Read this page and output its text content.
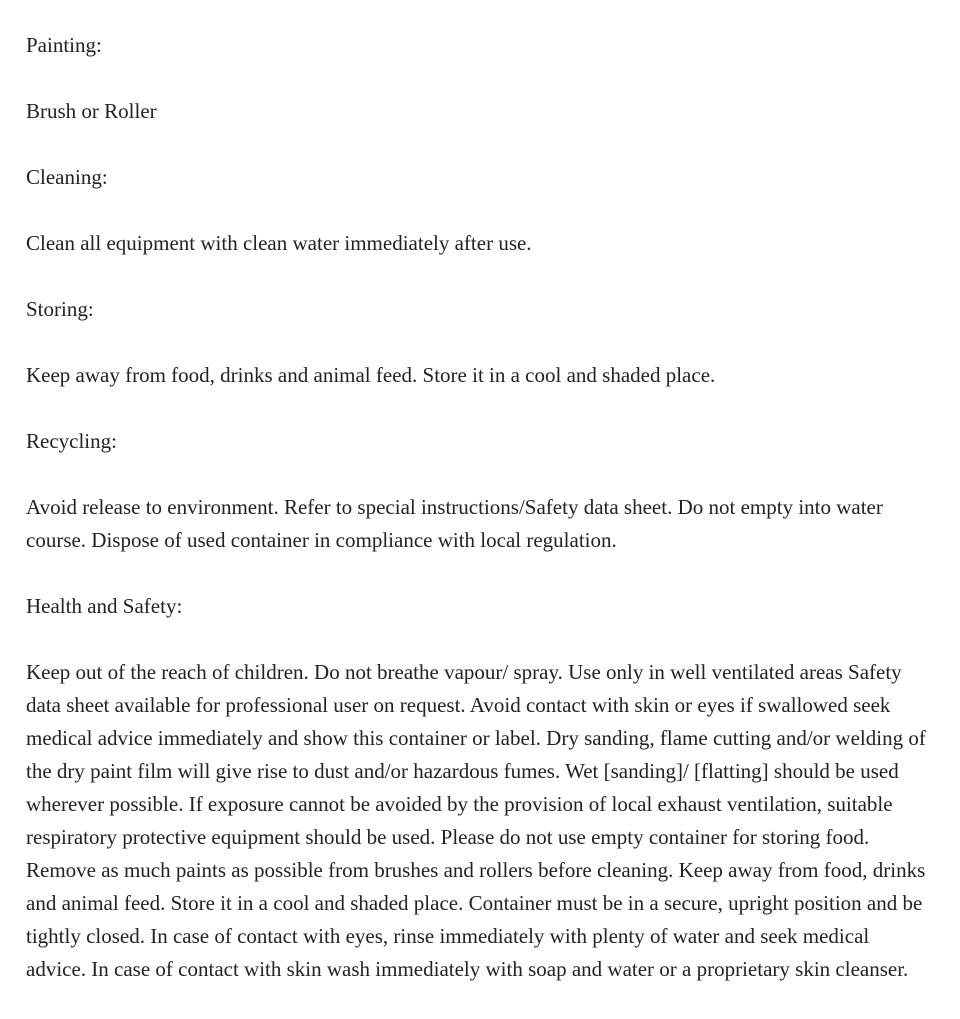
Painting:

Brush or Roller

Cleaning:

Clean all equipment with clean water immediately after use.

Storing:

Keep away from food, drinks and animal feed. Store it in a cool and shaded place.

Recycling:

Avoid release to environment. Refer to special instructions/Safety data sheet. Do not empty into water course. Dispose of used container in compliance with local regulation.

Health and Safety:

Keep out of the reach of children. Do not breathe vapour/ spray. Use only in well ventilated areas Safety data sheet available for professional user on request. Avoid contact with skin or eyes if swallowed seek medical advice immediately and show this container or label. Dry sanding, flame cutting and/or welding of the dry paint film will give rise to dust and/or hazardous fumes. Wet [sanding]/ [flatting] should be used wherever possible. If exposure cannot be avoided by the provision of local exhaust ventilation, suitable respiratory protective equipment should be used. Please do not use empty container for storing food. Remove as much paints as possible from brushes and rollers before cleaning. Keep away from food, drinks and animal feed. Store it in a cool and shaded place. Container must be in a secure, upright position and be tightly closed. In case of contact with eyes, rinse immediately with plenty of water and seek medical advice. In case of contact with skin wash immediately with soap and water or a proprietary skin cleanser.
